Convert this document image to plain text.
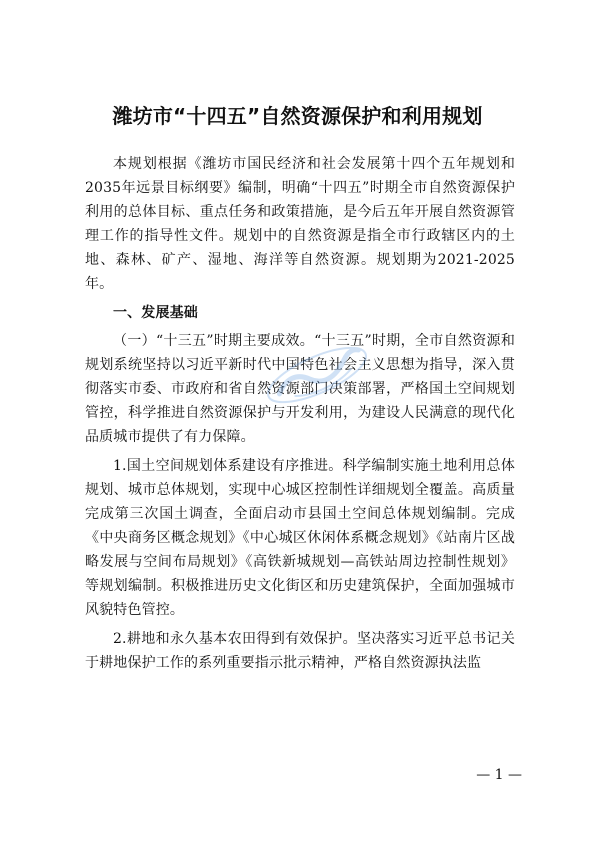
潍坊市“十四五”自然资源保护和利用规划

本规划根据《潍坊市国民经济和社会发展第十四个五年规划和2035年远景目标纲要》编制，明确“十四五”时期全市自然资源保护利用的总体目标、重点任务和政策措施，是今后五年开展自然资源管理工作的指导性文件。规划中的自然资源是指全市行政辖区内的土地、森林、矿产、湿地、海洋等自然资源。规划期为2021-2025年。

一、发展基础

（一）“十三五”时期主要成效。“十三五”时期，全市自然资源和规划系统坚持以习近平新时代中国特色社会主义思想为指导，深入贯彻落实市委、市政府和省自然资源部门决策部署，严格国土空间规划管控，科学推进自然资源保护与开发利用，为建设人民满意的现代化品质城市提供了有力保障。

1.国土空间规划体系建设有序推进。科学编制实施土地利用总体规划、城市总体规划，实现中心城区控制性详细规划全覆盖。高质量完成第三次国土调查，全面启动市县国土空间总体规划编制。完成《中央商务区概念规划》《中心城区休闲体系概念规划》《站南片区战略发展与空间布局规划》《高铁新城规划—高铁站周边控制性规划》等规划编制。积极推进历史文化街区和历史建筑保护，全面加强城市风貌特色管控。

2.耕地和永久基本农田得到有效保护。坚决落实习近平总书记关于耕地保护工作的系列重要指示批示精神，严格自然资源执法监

— 1 —
